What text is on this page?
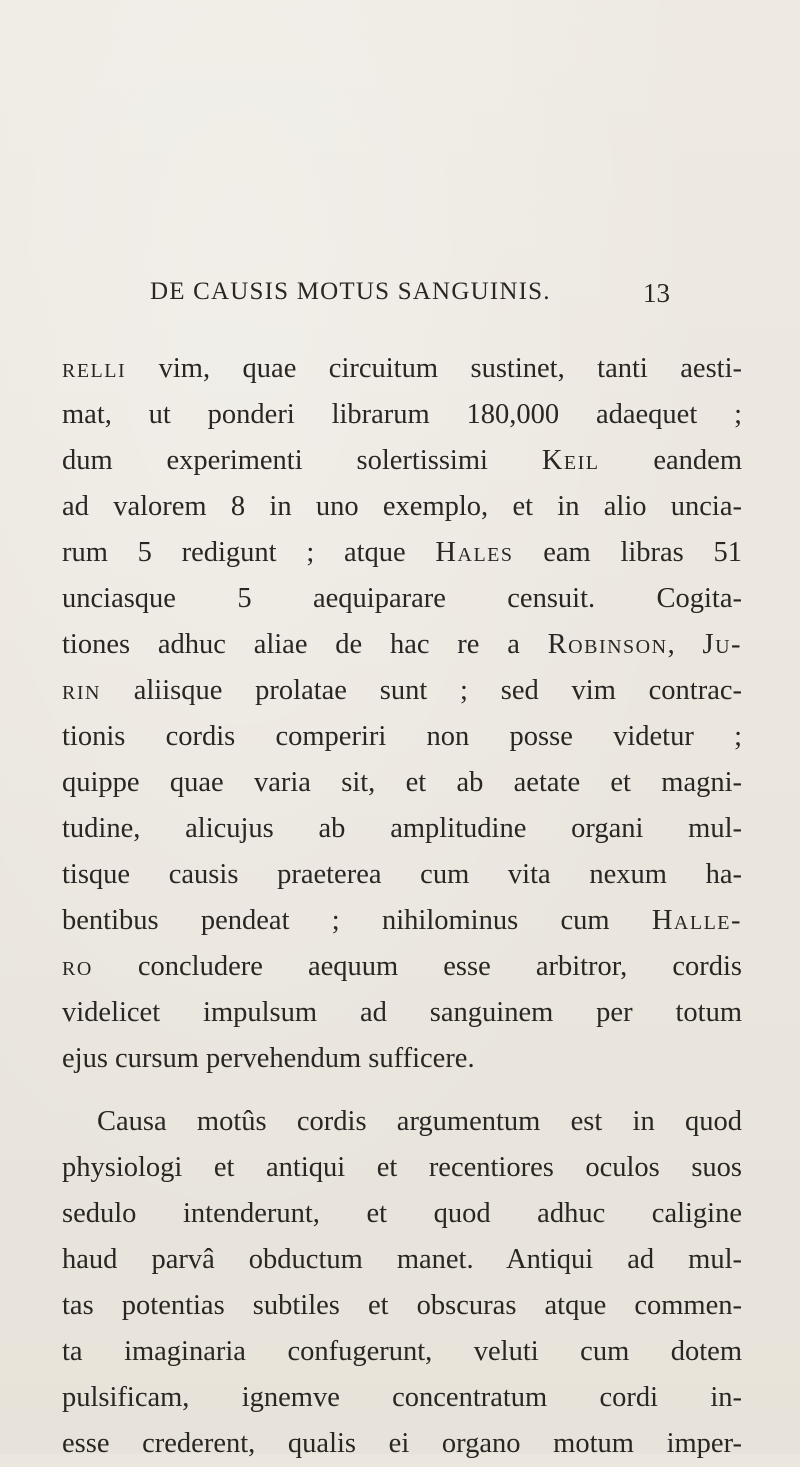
DE CAUSIS MOTUS SANGUINIS.	13
relli vim, quae circuitum sustinet, tanti aesti-
mat, ut ponderi librarum 180,000 adaequet ;
dum experimenti solertissimi Keil eandem
ad valorem 8 in uno exemplo, et in alio uncia-
rum 5 redigunt ; atque Hales eam libras 51
unciasque 5 aequiparare censuit. Cogita-
tiones adhuc aliae de hac re a Robinson, Ju-
rin aliisque prolatae sunt ; sed vim contrac-
tionis cordis comperiri non posse videtur ;
quippe quae varia sit, et ab aetate et magni-
tudine, alicujus ab amplitudine organi mul-
tisque causis praeterea cum vita nexum ha-
bentibus pendeat ; nihilominus cum Halle-
ro concludere aequum esse arbitror, cordis
videlicet impulsum ad sanguinem per totum
ejus cursum pervehendum sufficere.
Causa motûs cordis argumentum est in quod
physiologi et antiqui et recentiores oculos suos
sedulo intenderunt, et quod adhuc caligine
haud parvâ obductum manet. Antiqui ad mul-
tas potentias subtiles et obscuras atque commen-
ta imaginaria confugerunt, veluti cum dotem
pulsificam, ignemve concentratum cordi in-
esse crederent, qualis ei organo motum imper-
